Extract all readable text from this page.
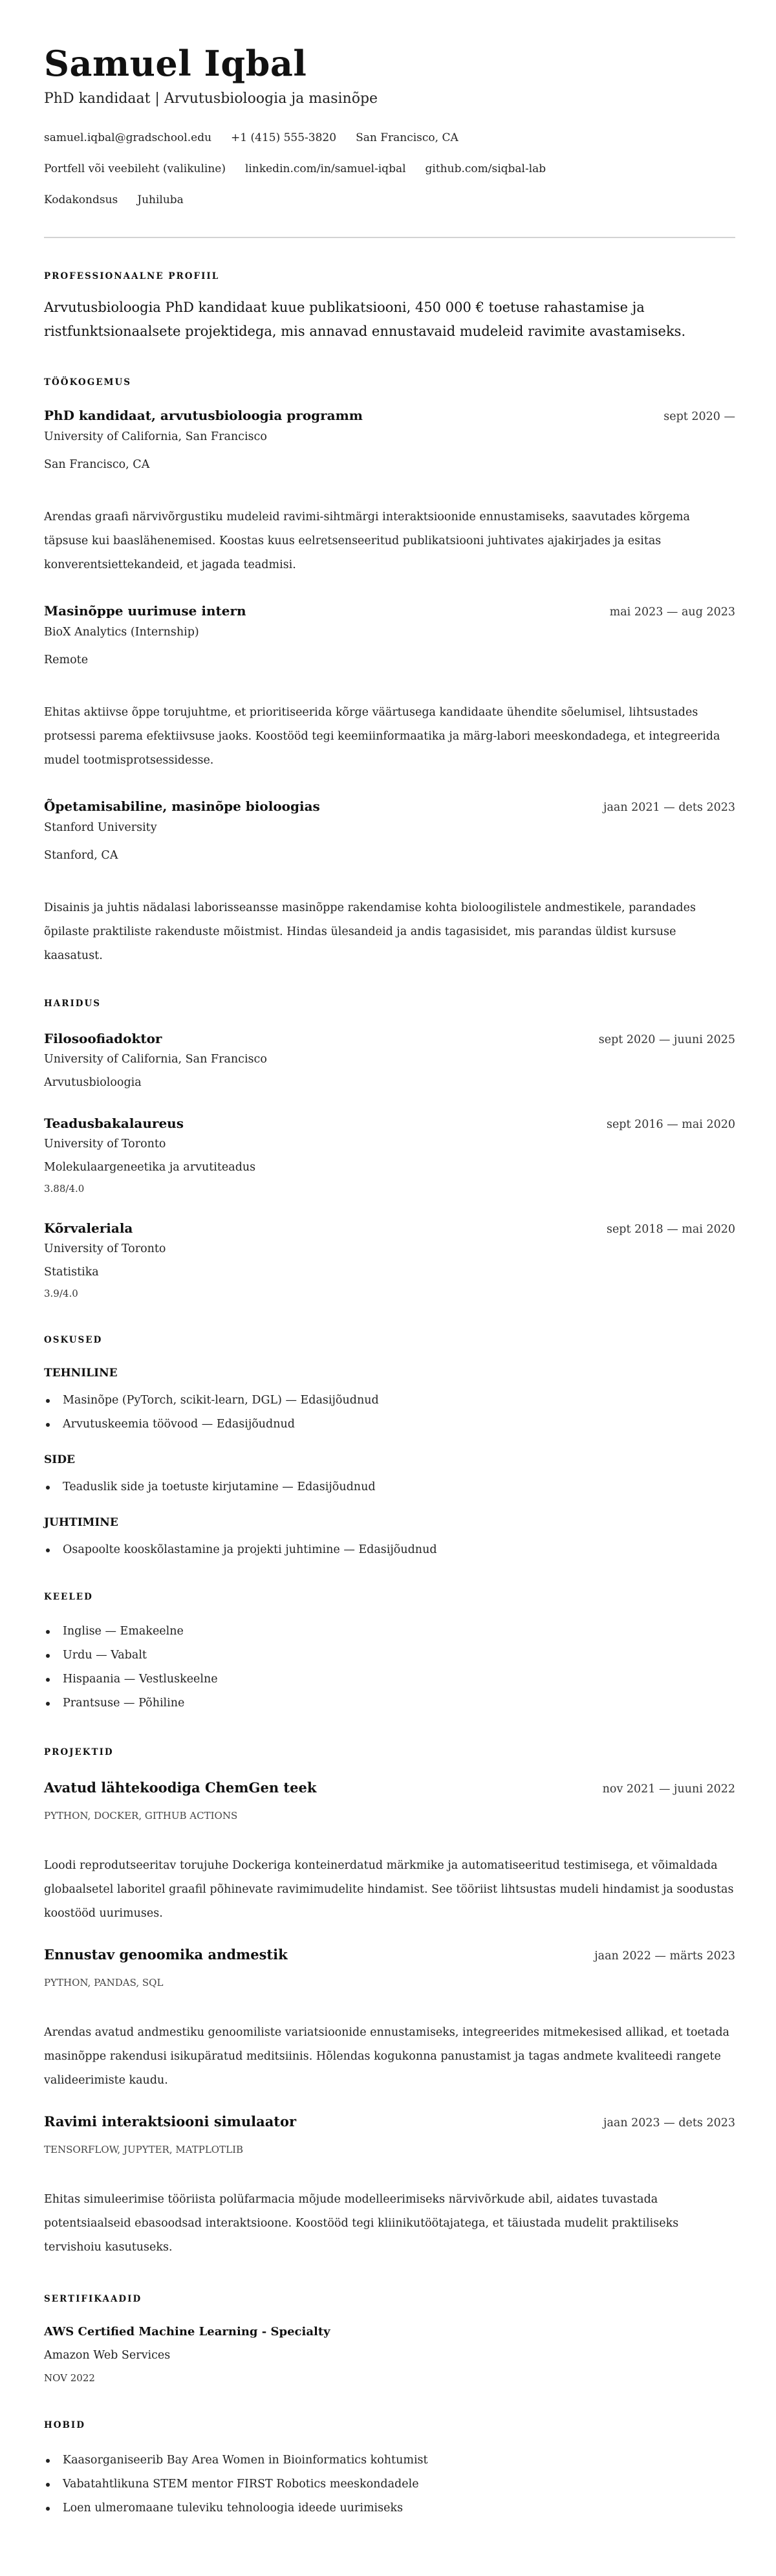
Samuel Iqbal
PhD kandidaat | Arvutusbioloogia ja masinõpe
samuel.iqbal@gradschool.edu +1 (415) 555-3820 San Francisco, CA
Portfell või veebileht (valikuline) linkedin.com/in/samuel-iqbal github.com/siqbal-lab
Kodakondsus Juhiluba
PROFESSIONAALNE PROFIIL
Arvutusbioloogia PhD kandidaat kuue publikatsiooni, 450 000 € toetuse rahastamise ja ristfunktsionaalsete projektidega, mis annavad ennustavaid mudeleid ravimite avastamiseks.
TÖÖKOGEMUS
PhD kandidaat, arvutusbioloogia programm	sept 2020 —
University of California, San Francisco
San Francisco, CA
Arendas graafi närvivõrgustiku mudeleid ravimi-sihtmärgi interaktsioonide ennustamiseks, saavutades kõrgema täpsuse kui baaslähenemised. Koostas kuus eelretsenseeritud publikatsiooni juhtivates ajakirjades ja esitas konverentsiettekandeid, et jagada teadmisi.
Masinõppe uurimuse intern	mai 2023 — aug 2023
BioX Analytics (Internship)
Remote
Ehitas aktiivse õppe torujuhtme, et prioritiseerida kõrge väärtusega kandidaate ühendite sõelumisel, lihtsustades protsessi parema efektiivsuse jaoks. Koostööd tegi keemiinformaatika ja märg-labori meeskondadega, et integreerida mudel tootmisprotsessidesse.
Õpetamisabiline, masinõpe bioloogias	jaan 2021 — dets 2023
Stanford University
Stanford, CA
Disainis ja juhtis nädalasi laborisseansse masinõppe rakendamise kohta bioloogilistele andmestikele, parandades õpilaste praktiliste rakenduste mõistmist. Hindas ülesandeid ja andis tagasisidet, mis parandas üldist kursuse kaasatust.
HARIDUS
Filosoofiadoktor	sept 2020 — juuni 2025
University of California, San Francisco
Arvutusbioloogia
Teadusbakalaureus	sept 2016 — mai 2020
University of Toronto
Molekulaargeneetika ja arvutiteadus
3.88/4.0
Kõrvaleriala	sept 2018 — mai 2020
University of Toronto
Statistika
3.9/4.0
OSKUSED
TEHNILINE
Masinõpe (PyTorch, scikit-learn, DGL) — Edasijõudnud
Arvutuskeemia töövood — Edasijõudnud
SIDE
Teaduslik side ja toetuste kirjutamine — Edasijõudnud
JUHTIMINE
Osapoolte kooskõlastamine ja projekti juhtimine — Edasijõudnud
KEELED
Inglise — Emakeelne
Urdu — Vabalt
Hispaania — Vestluskeelne
Prantsuse — Põhiline
PROJEKTID
Avatud lähtekoodiga ChemGen teek	nov 2021 — juuni 2022
PYTHON, DOCKER, GITHUB ACTIONS
Loodi reprodutseeritav torujuhe Dockeriga konteinerdatud märkmike ja automatiseeritud testimisega, et võimaldada globaalsetel laboritel graafil põhinevate ravimimudelite hindamist. See tööriist lihtsustas mudeli hindamist ja soodustas koostööd uurimuses.
Ennustav genoomika andmestik	jaan 2022 — märts 2023
PYTHON, PANDAS, SQL
Arendas avatud andmestiku genoomiliste variatsioonide ennustamiseks, integreerides mitmekesised allikad, et toetada masinõppe rakendusi isikupäratud meditsiinis. Hõlendas kogukonna panustamist ja tagas andmete kvaliteedi rangete valideerimiste kaudu.
Ravimi interaktsiooni simulaator	jaan 2023 — dets 2023
TENSORFLOW, JUPYTER, MATPLOTLIB
Ehitas simuleerimise tööriista polüfarmacia mõjude modelleerimiseks närvivõrkude abil, aidates tuvastada potentsiaalseid ebasoodsad interaktsioone. Koostööd tegi kliinikutöötajatega, et täiustada mudelit praktiliseks tervishoiu kasutuseks.
SERTIFIKAADID
AWS Certified Machine Learning - Specialty
Amazon Web Services
NOV 2022
HOBID
Kaasorganiseerib Bay Area Women in Bioinformatics kohtumist
Vabatahtlikuna STEM mentor FIRST Robotics meeskondadele
Loen ulmeromaane tuleviku tehnoloogia ideede uurimiseks
